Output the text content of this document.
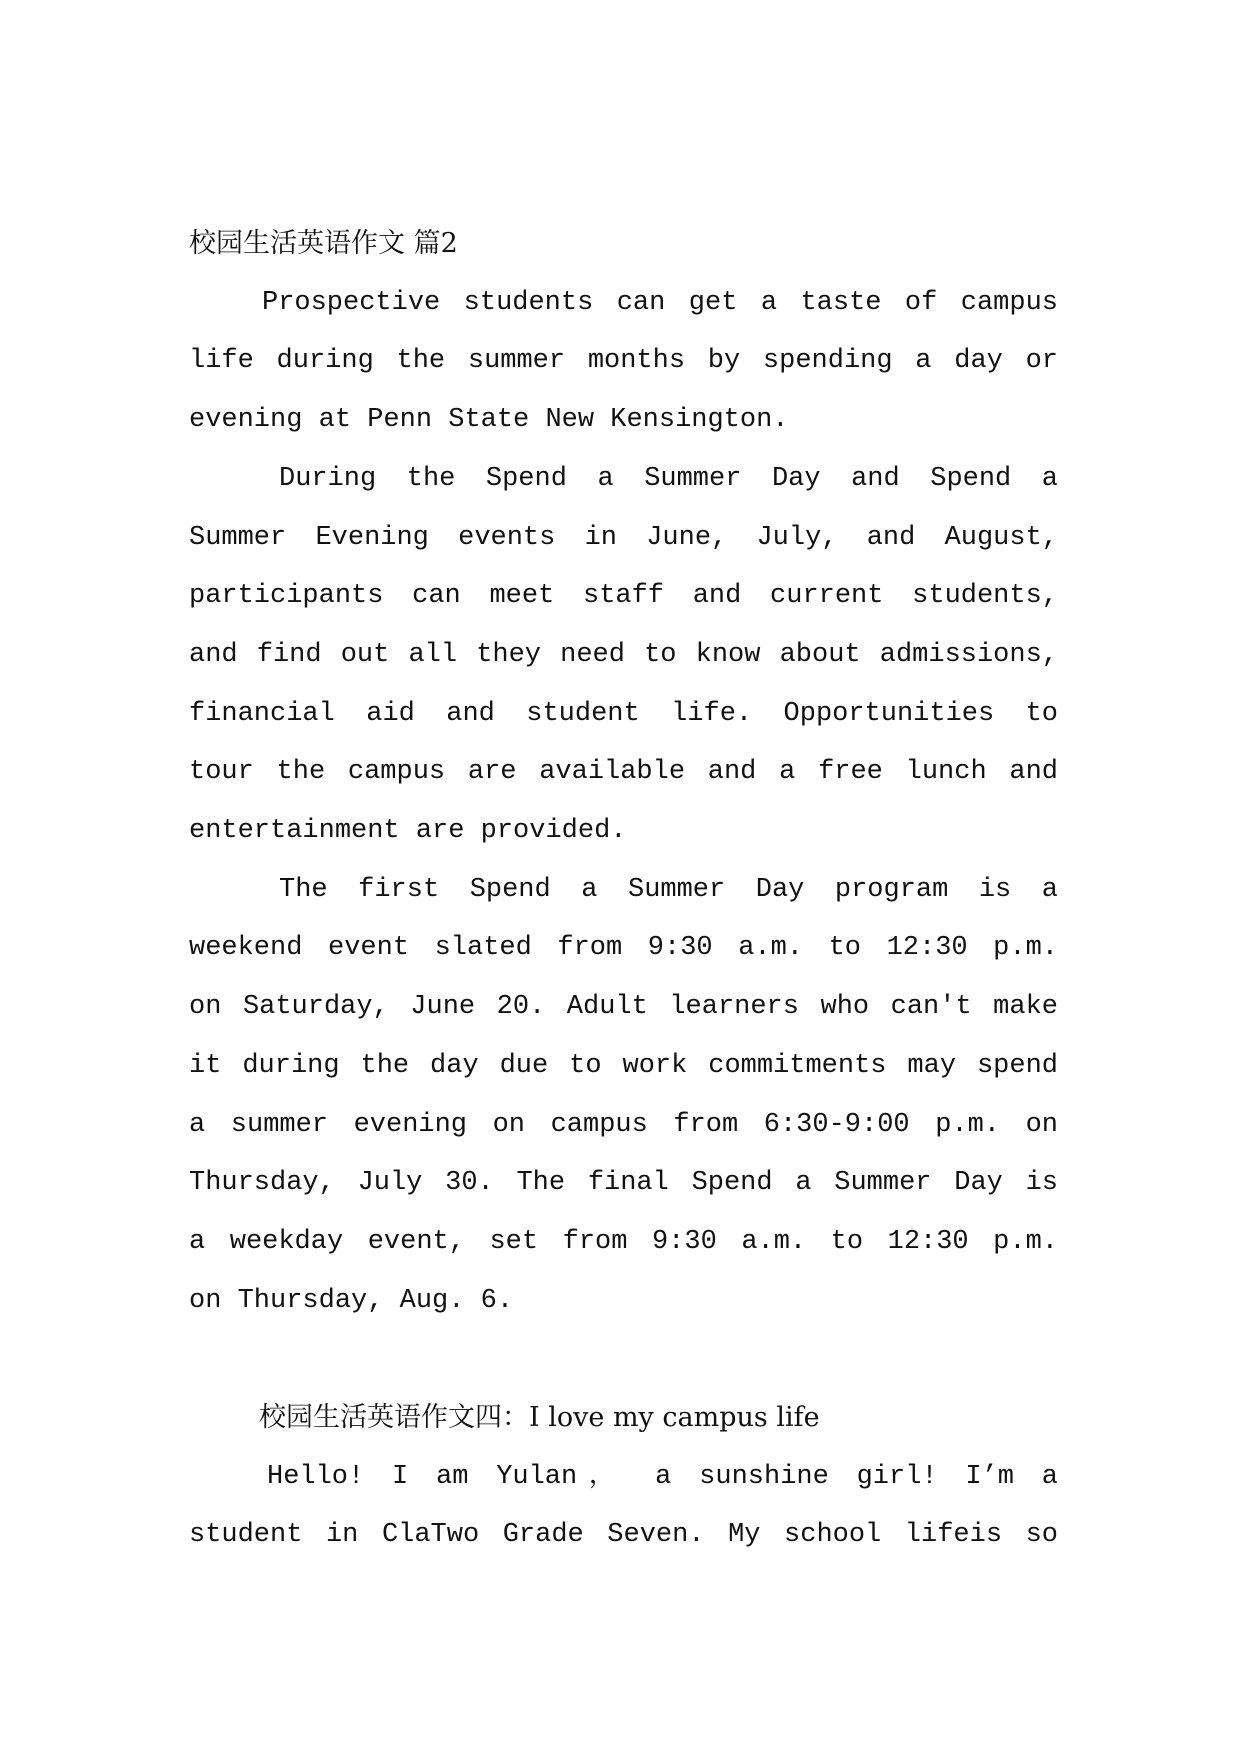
校园生活英语作文 篇2
Prospective students can get a taste of campus
life during the summer months by spending a day or
evening at Penn State New Kensington.
During the Spend a Summer Day and Spend a
Summer Evening events in June, July, and August,
participants can meet staff and current students,
and find out all they need to know about admissions,
financial aid and student life. Opportunities to
tour the campus are available and a free lunch and
entertainment are provided.
The first Spend a Summer Day program is a
weekend event slated from 9:30 a.m. to 12:30 p.m.
on Saturday, June 20. Adult learners who can't make
it during the day due to work commitments may spend
a summer evening on campus from 6:30-9:00 p.m. on
Thursday, July 30. The final Spend a Summer Day is
a weekday event, set from 9:30 a.m. to 12:30 p.m.
on Thursday, Aug. 6.
校园生活英语作文四：I love my campus life
Hello! I am Yulan， a sunshine girl! I’m a
student in ClaTwo Grade Seven. My school lifeis so
